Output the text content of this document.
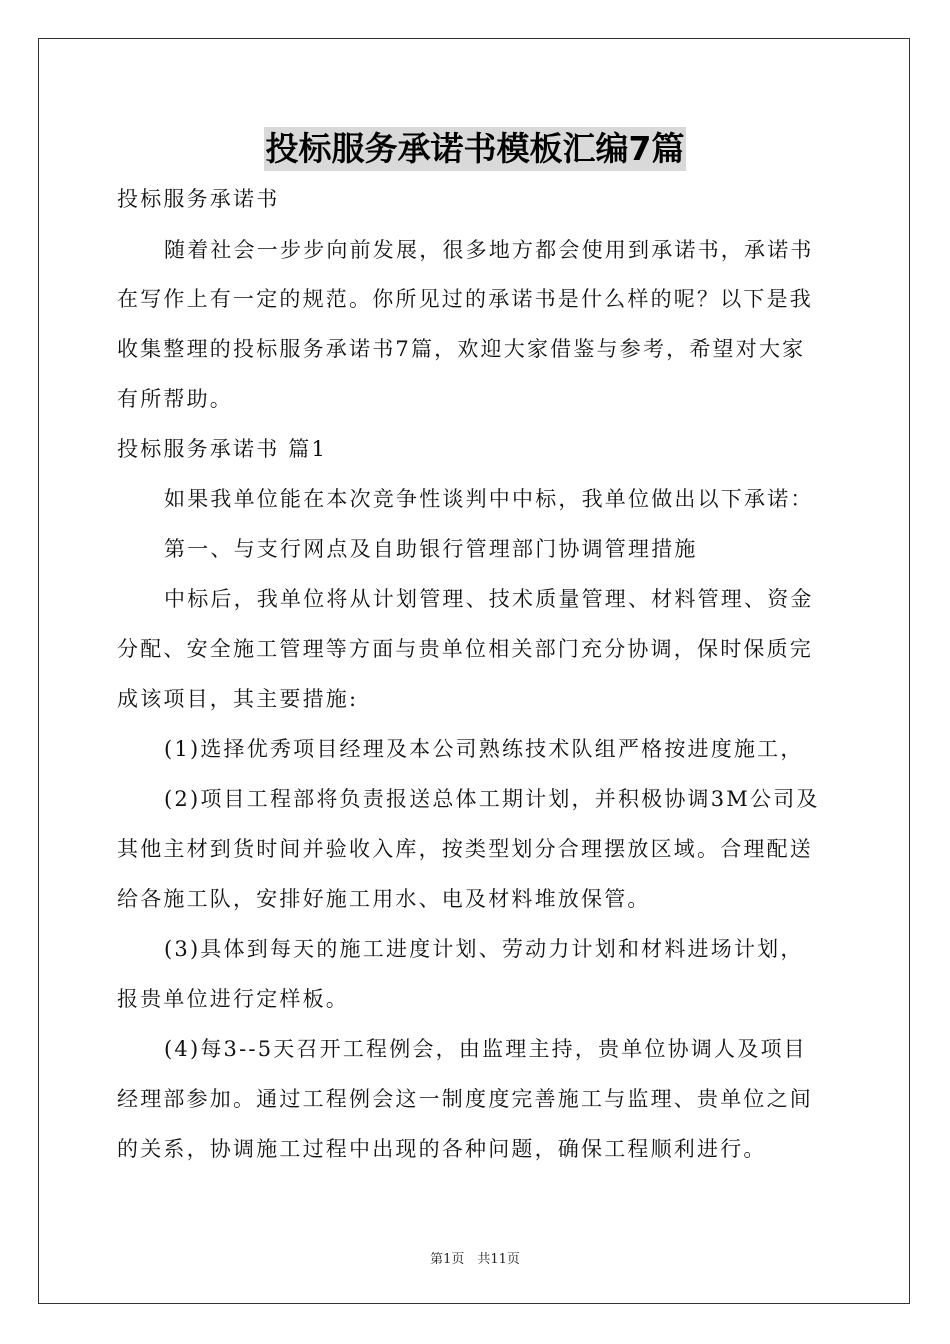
投标服务承诺书模板汇编7篇
投标服务承诺书
随着社会一步步向前发展，很多地方都会使用到承诺书，承诺书
在写作上有一定的规范。你所见过的承诺书是什么样的呢？以下是我
收集整理的投标服务承诺书7篇，欢迎大家借鉴与参考，希望对大家
有所帮助。
投标服务承诺书 篇1
如果我单位能在本次竞争性谈判中中标，我单位做出以下承诺：
第一、与支行网点及自助银行管理部门协调管理措施
中标后，我单位将从计划管理、技术质量管理、材料管理、资金
分配、安全施工管理等方面与贵单位相关部门充分协调，保时保质完
成该项目，其主要措施:
(1)选择优秀项目经理及本公司熟练技术队组严格按进度施工，
(2)项目工程部将负责报送总体工期计划，并积极协调3M公司及
其他主材到货时间并验收入库，按类型划分合理摆放区域。合理配送
给各施工队，安排好施工用水、电及材料堆放保管。
(3)具体到每天的施工进度计划、劳动力计划和材料进场计划，
报贵单位进行定样板。
(4)每3--5天召开工程例会，由监理主持，贵单位协调人及项目
经理部参加。通过工程例会这一制度度完善施工与监理、贵单位之间
的关系，协调施工过程中出现的各种问题，确保工程顺利进行。
第1页　共11页
